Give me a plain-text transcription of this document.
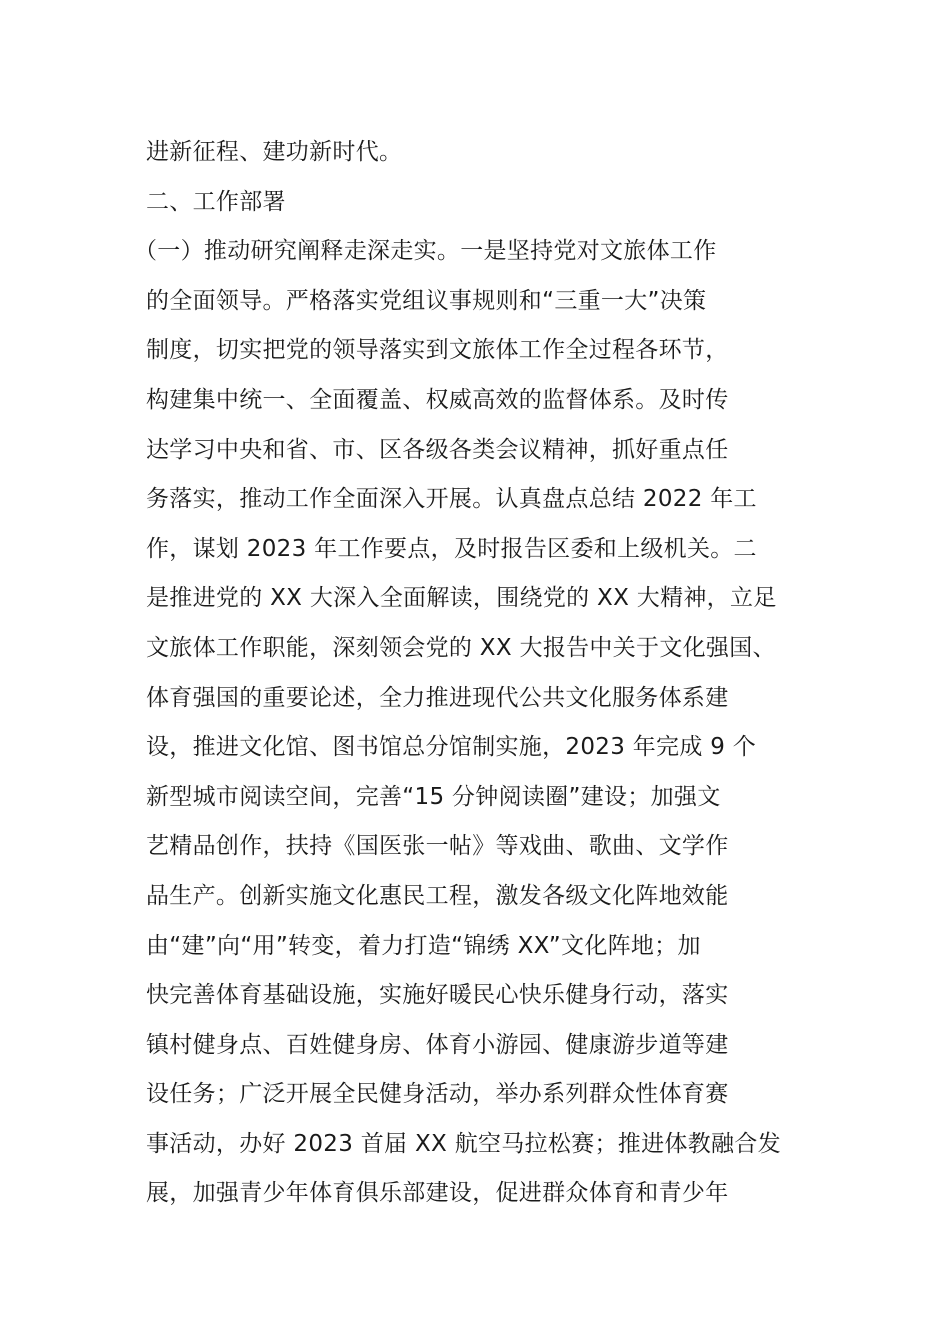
进新征程、建功新时代。
二、工作部署
（一）推动研究阐释走深走实。一是坚持党对文旅体工作
的全面领导。严格落实党组议事规则和“三重一大”决策
制度，切实把党的领导落实到文旅体工作全过程各环节，
构建集中统一、全面覆盖、权威高效的监督体系。及时传
达学习中央和省、市、区各级各类会议精神，抓好重点任
务落实，推动工作全面深入开展。认真盘点总结 2022 年工
作，谋划 2023 年工作要点，及时报告区委和上级机关。二
是推进党的 XX 大深入全面解读，围绕党的 XX 大精神，立足
文旅体工作职能，深刻领会党的 XX 大报告中关于文化强国、
体育强国的重要论述，全力推进现代公共文化服务体系建
设，推进文化馆、图书馆总分馆制实施，2023 年完成 9 个
新型城市阅读空间，完善“15 分钟阅读圈”建设；加强文
艺精品创作，扶持《国医张一帖》等戏曲、歌曲、文学作
品生产。创新实施文化惠民工程，激发各级文化阵地效能
由“建”向“用”转变，着力打造“锦绣 XX”文化阵地；加
快完善体育基础设施，实施好暖民心快乐健身行动，落实
镇村健身点、百姓健身房、体育小游园、健康游步道等建
设任务；广泛开展全民健身活动，举办系列群众性体育赛
事活动，办好 2023 首届 XX 航空马拉松赛；推进体教融合发
展，加强青少年体育俱乐部建设，促进群众体育和青少年
